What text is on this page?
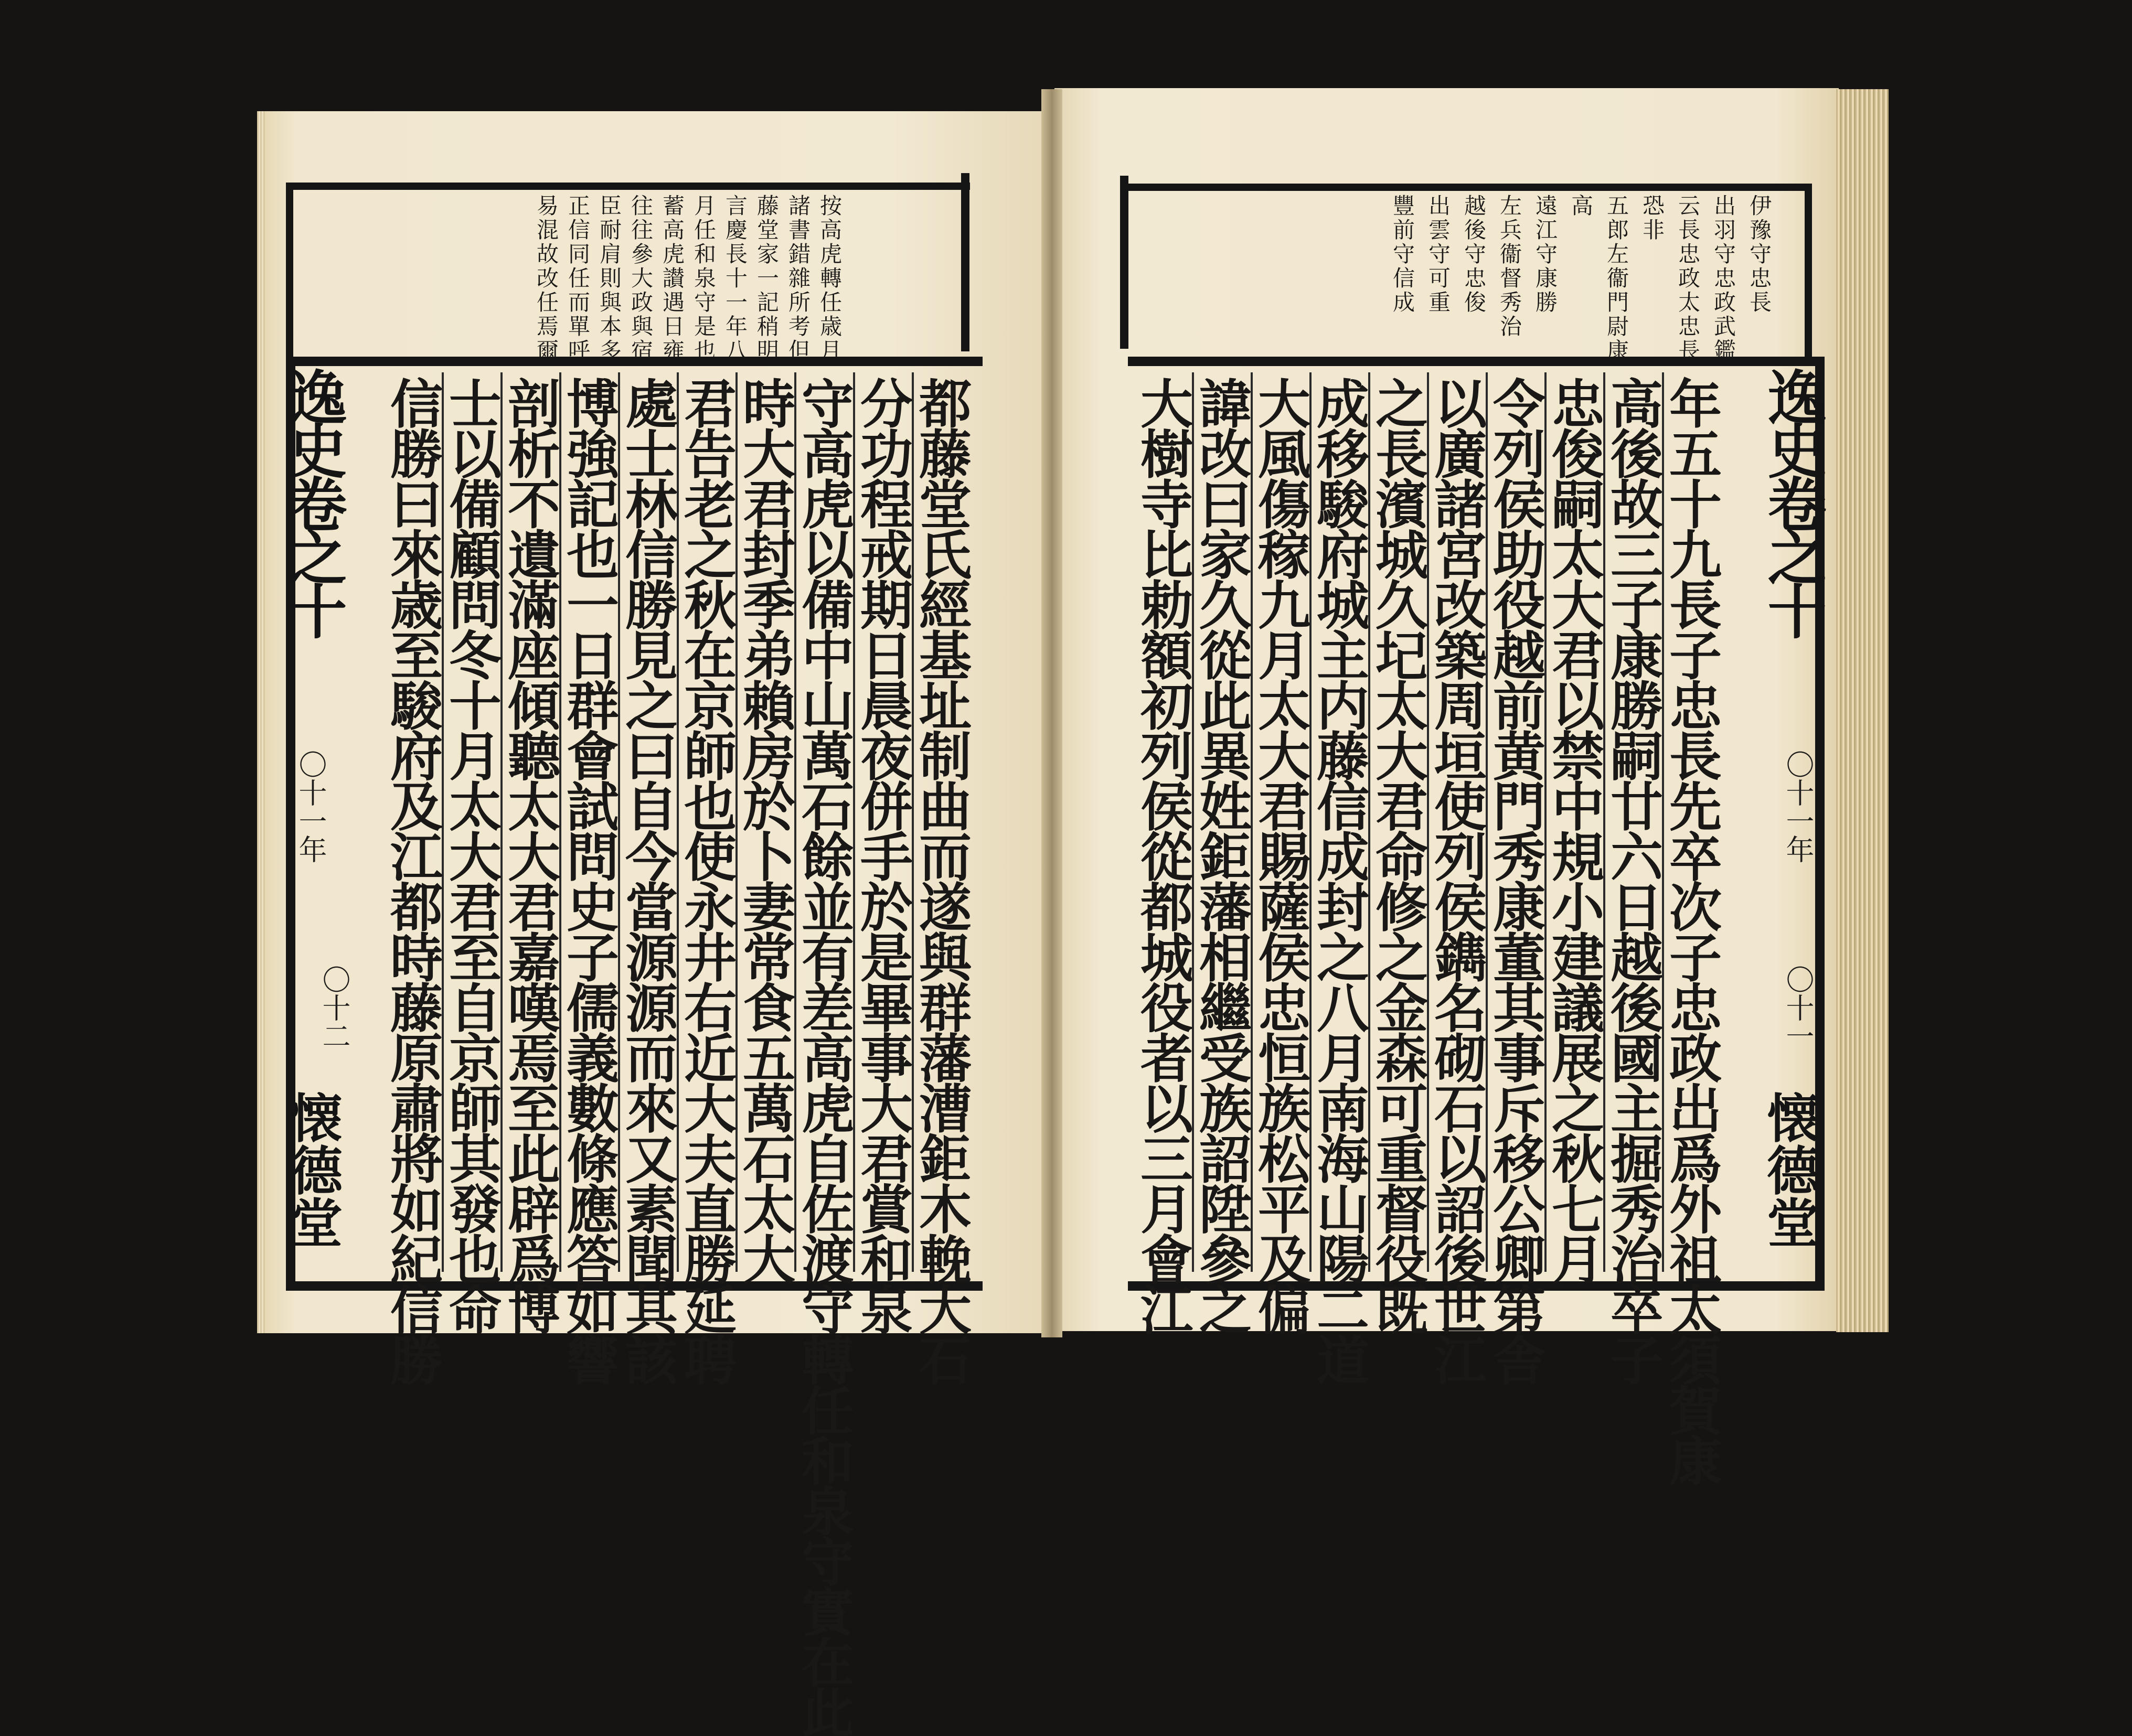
按高虎轉任歳月
諸書錯雜所考但
藤堂家一記稍明
言慶長十一年八
月任和泉守是也
蓄高虎讃遇日雍
往往參大政與宿
臣耐肩則與本多
正信同任而單呼
易混故改任焉爾
都藤堂氏經基址制曲而遂與群藩漕鉅木輓大石
分功程戒期日晨夜併手於是畢事大君賞和泉
守高虎以備中山萬石餘並有差高虎自佐渡守轉任和泉守實在此
時大君封季弟賴房於卜妻常食五萬石太大
君告老之秋在京師也使永井右近大夫直勝延聘
處士林信勝見之曰自今當源源而來又素聞其該
博強記也一日群會試問史子儒義數條應答如響
剖析不遺滿座傾聽太大君嘉嘆焉至此辟爲博
士以備顧問冬十月太大君至自京師其發也命
信勝曰來歳至駿府及江都時藤原肅將如紀信勝
逸史卷之十
〇十一年
〇十二
懐德堂
伊豫守忠長
出羽守忠政武鑑
云長忠政太忠長
恐非
五郎左衞門尉康
高
遠江守康勝
左兵衞督秀治
越後守忠俊
出雲守可重
豐前守信成
年五十九長子忠長先卒次子忠政出爲外祖太須賀康
高後故三子康勝嗣廿六日越後國主掘秀治卒子
忠俊嗣太大君以禁中規小建議展之秋七月
令列侯助役越前黄門秀康董其事斥移公卿第舎
以廣諸宮改築周垣使列侯鐫名砌石以詔後世江
之長濱城久圮太大君命修之金森可重督役既
成移駿府城主内藤信成封之八月南海山陽二道
大風傷稼九月太大君賜薩侯忠恒族松平及偏
諱改曰家久從此異姓鉅藩相繼受族詔陞參之
大樹寺比勅額初列侯從都城役者以三月會江	逸史卷之十
〇十一年
〇十一
懐德堂
